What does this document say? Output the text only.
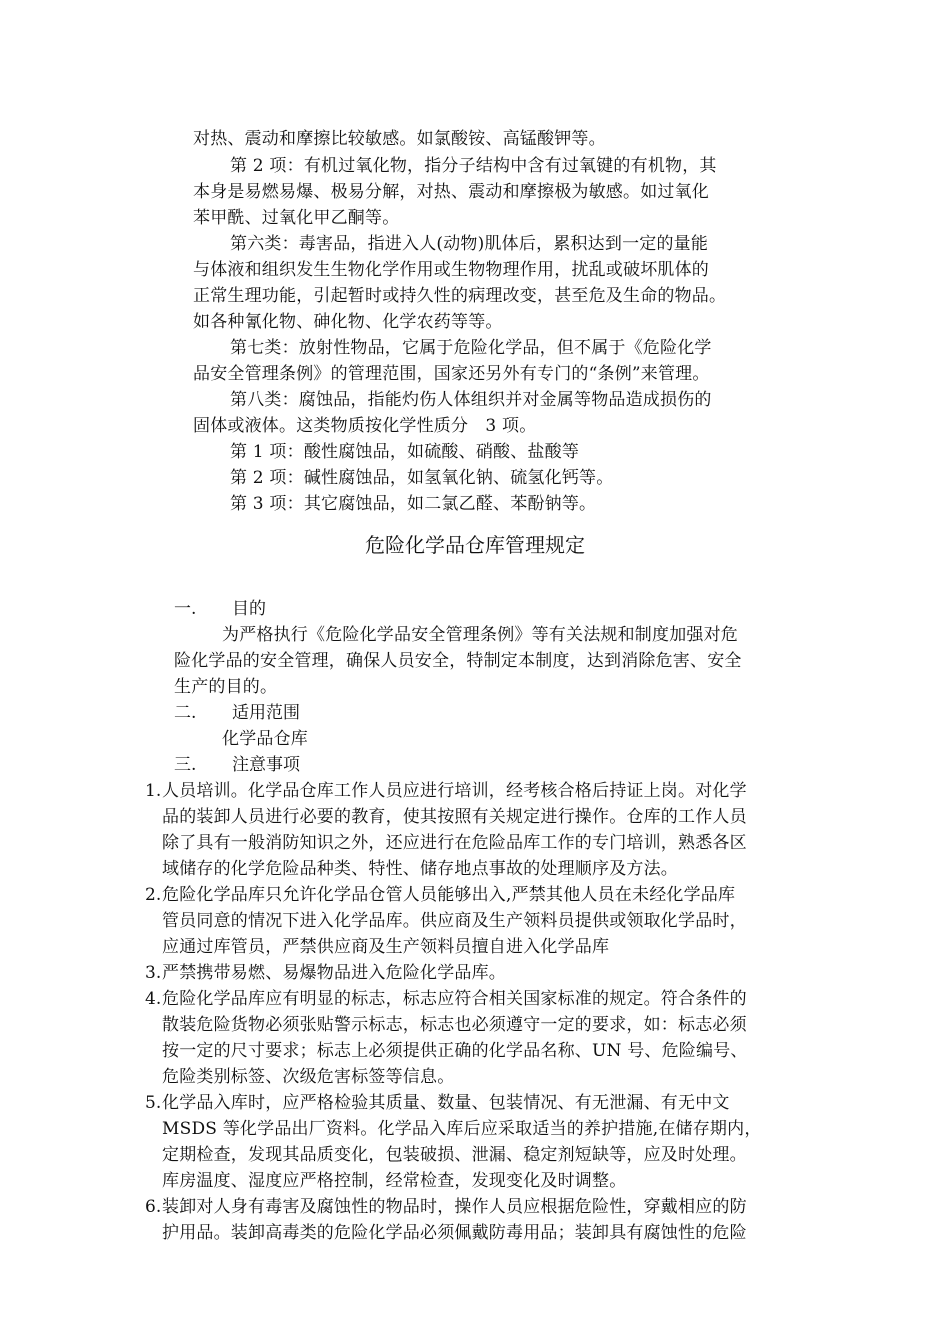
对热、震动和摩擦比较敏感。如氯酸铵、高锰酸钾等。
第 2 项：有机过氧化物，指分子结构中含有过氧键的有机物，其
本身是易燃易爆、极易分解，对热、震动和摩擦极为敏感。如过氧化
苯甲酰、过氧化甲乙酮等。
第六类：毒害品，指进入人(动物)肌体后，累积达到一定的量能
与体液和组织发生生物化学作用或生物物理作用，扰乱或破坏肌体的
正常生理功能，引起暂时或持久性的病理改变，甚至危及生命的物品。
如各种氰化物、砷化物、化学农药等等。
第七类：放射性物品，它属于危险化学品，但不属于《危险化学
品安全管理条例》的管理范围，国家还另外有专门的“条例”来管理。
第八类：腐蚀品，指能灼伤人体组织并对金属等物品造成损伤的
固体或液体。这类物质按化学性质分　3 项。
第 1 项：酸性腐蚀品，如硫酸、硝酸、盐酸等
第 2 项：碱性腐蚀品，如氢氧化钠、硫氢化钙等。
第 3 项：其它腐蚀品，如二氯乙醛、苯酚钠等。
危险化学品仓库管理规定
一. 目的
为严格执行《危险化学品安全管理条例》等有关法规和制度加强对危
险化学品的安全管理，确保人员安全，特制定本制度，达到消除危害、安全
生产的目的。
二. 适用范围
化学品仓库
三. 注意事项
1. 人员培训。化学品仓库工作人员应进行培训，经考核合格后持证上岗。对化学
品的装卸人员进行必要的教育，使其按照有关规定进行操作。仓库的工作人员
除了具有一般消防知识之外，还应进行在危险品库工作的专门培训，熟悉各区
域储存的化学危险品种类、特性、储存地点事故的处理顺序及方法。
2. 危险化学品库只允许化学品仓管人员能够出入,严禁其他人员在未经化学品库
管员同意的情况下进入化学品库。供应商及生产领料员提供或领取化学品时，
应通过库管员，严禁供应商及生产领料员擅自进入化学品库
3. 严禁携带易燃、易爆物品进入危险化学品库。
4. 危险化学品库应有明显的标志，标志应符合相关国家标准的规定。符合条件的
散装危险货物必须张贴警示标志，标志也必须遵守一定的要求，如：标志必须
按一定的尺寸要求；标志上必须提供正确的化学品名称、UN 号、危险编号、
危险类别标签、次级危害标签等信息。
5. 化学品入库时，应严格检验其质量、数量、包装情况、有无泄漏、有无中文
MSDS 等化学品出厂资料。化学品入库后应采取适当的养护措施,在储存期内，
定期检查，发现其品质变化，包装破损、泄漏、稳定剂短缺等，应及时处理。
库房温度、湿度应严格控制，经常检查，发现变化及时调整。
6. 装卸对人身有毒害及腐蚀性的物品时，操作人员应根据危险性，穿戴相应的防
护用品。装卸高毒类的危险化学品必须佩戴防毒用品；装卸具有腐蚀性的危险
